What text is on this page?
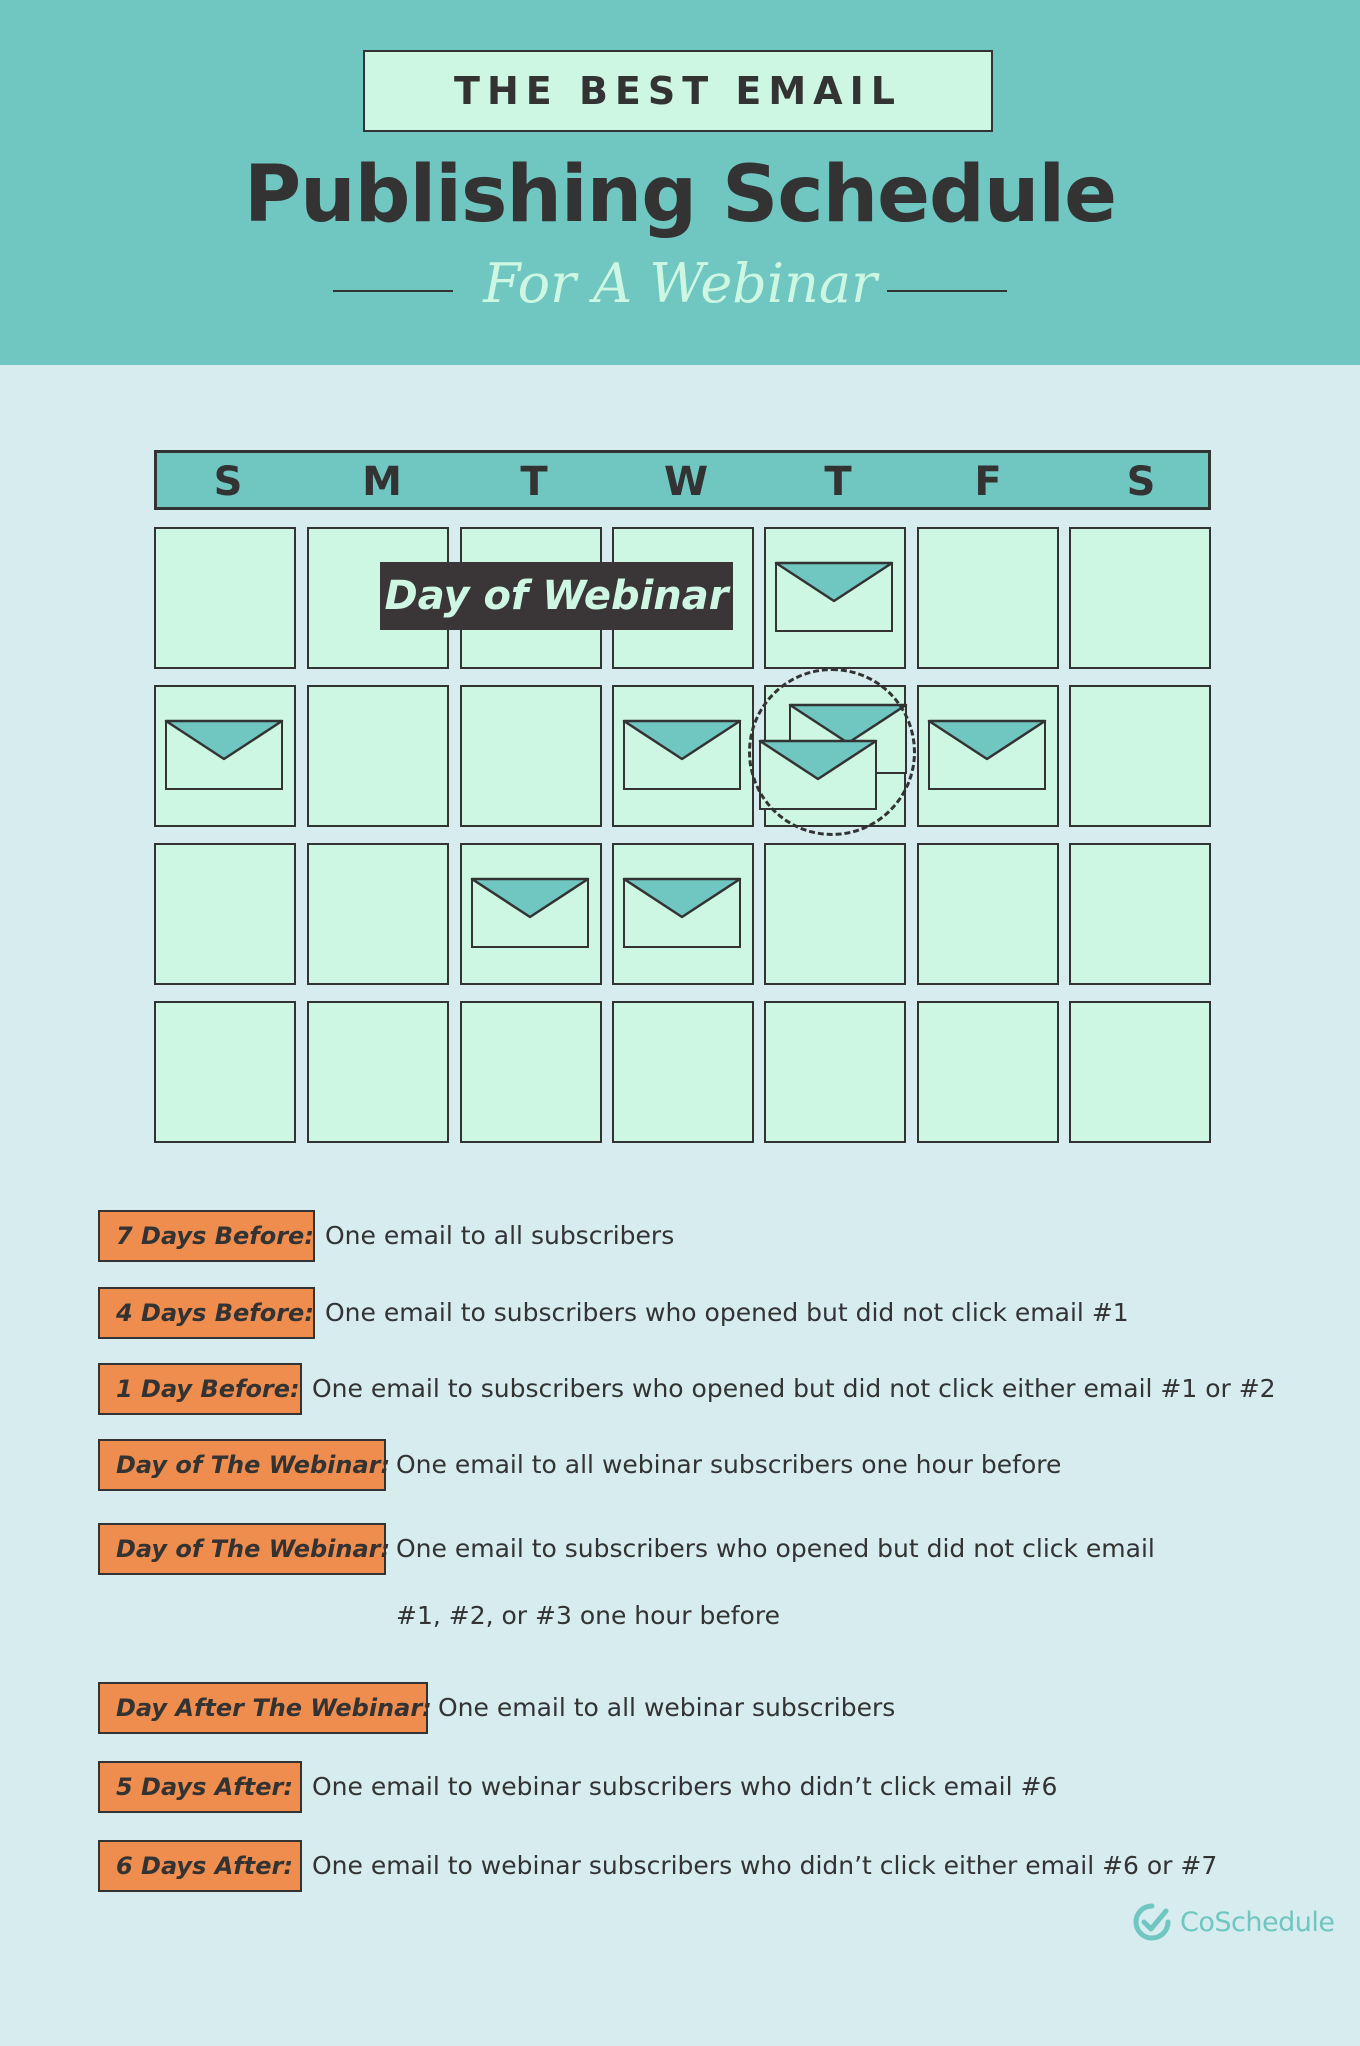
THE BEST EMAIL
Publishing Schedule
For A Webinar
S	M	T	W	T	F	S
Day of Webinar
7 Days Before: One email to all subscribers
4 Days Before: One email to subscribers who opened but did not click email #1
1 Day Before: One email to subscribers who opened but did not click either email #1 or #2
Day of The Webinar: One email to all webinar subscribers one hour before
Day of The Webinar: One email to subscribers who opened but did not click email
#1, #2, or #3 one hour before
Day After The Webinar: One email to all webinar subscribers
5 Days After: One email to webinar subscribers who didn’t click email #6
6 Days After: One email to webinar subscribers who didn’t click either email #6 or #7
CoSchedule
